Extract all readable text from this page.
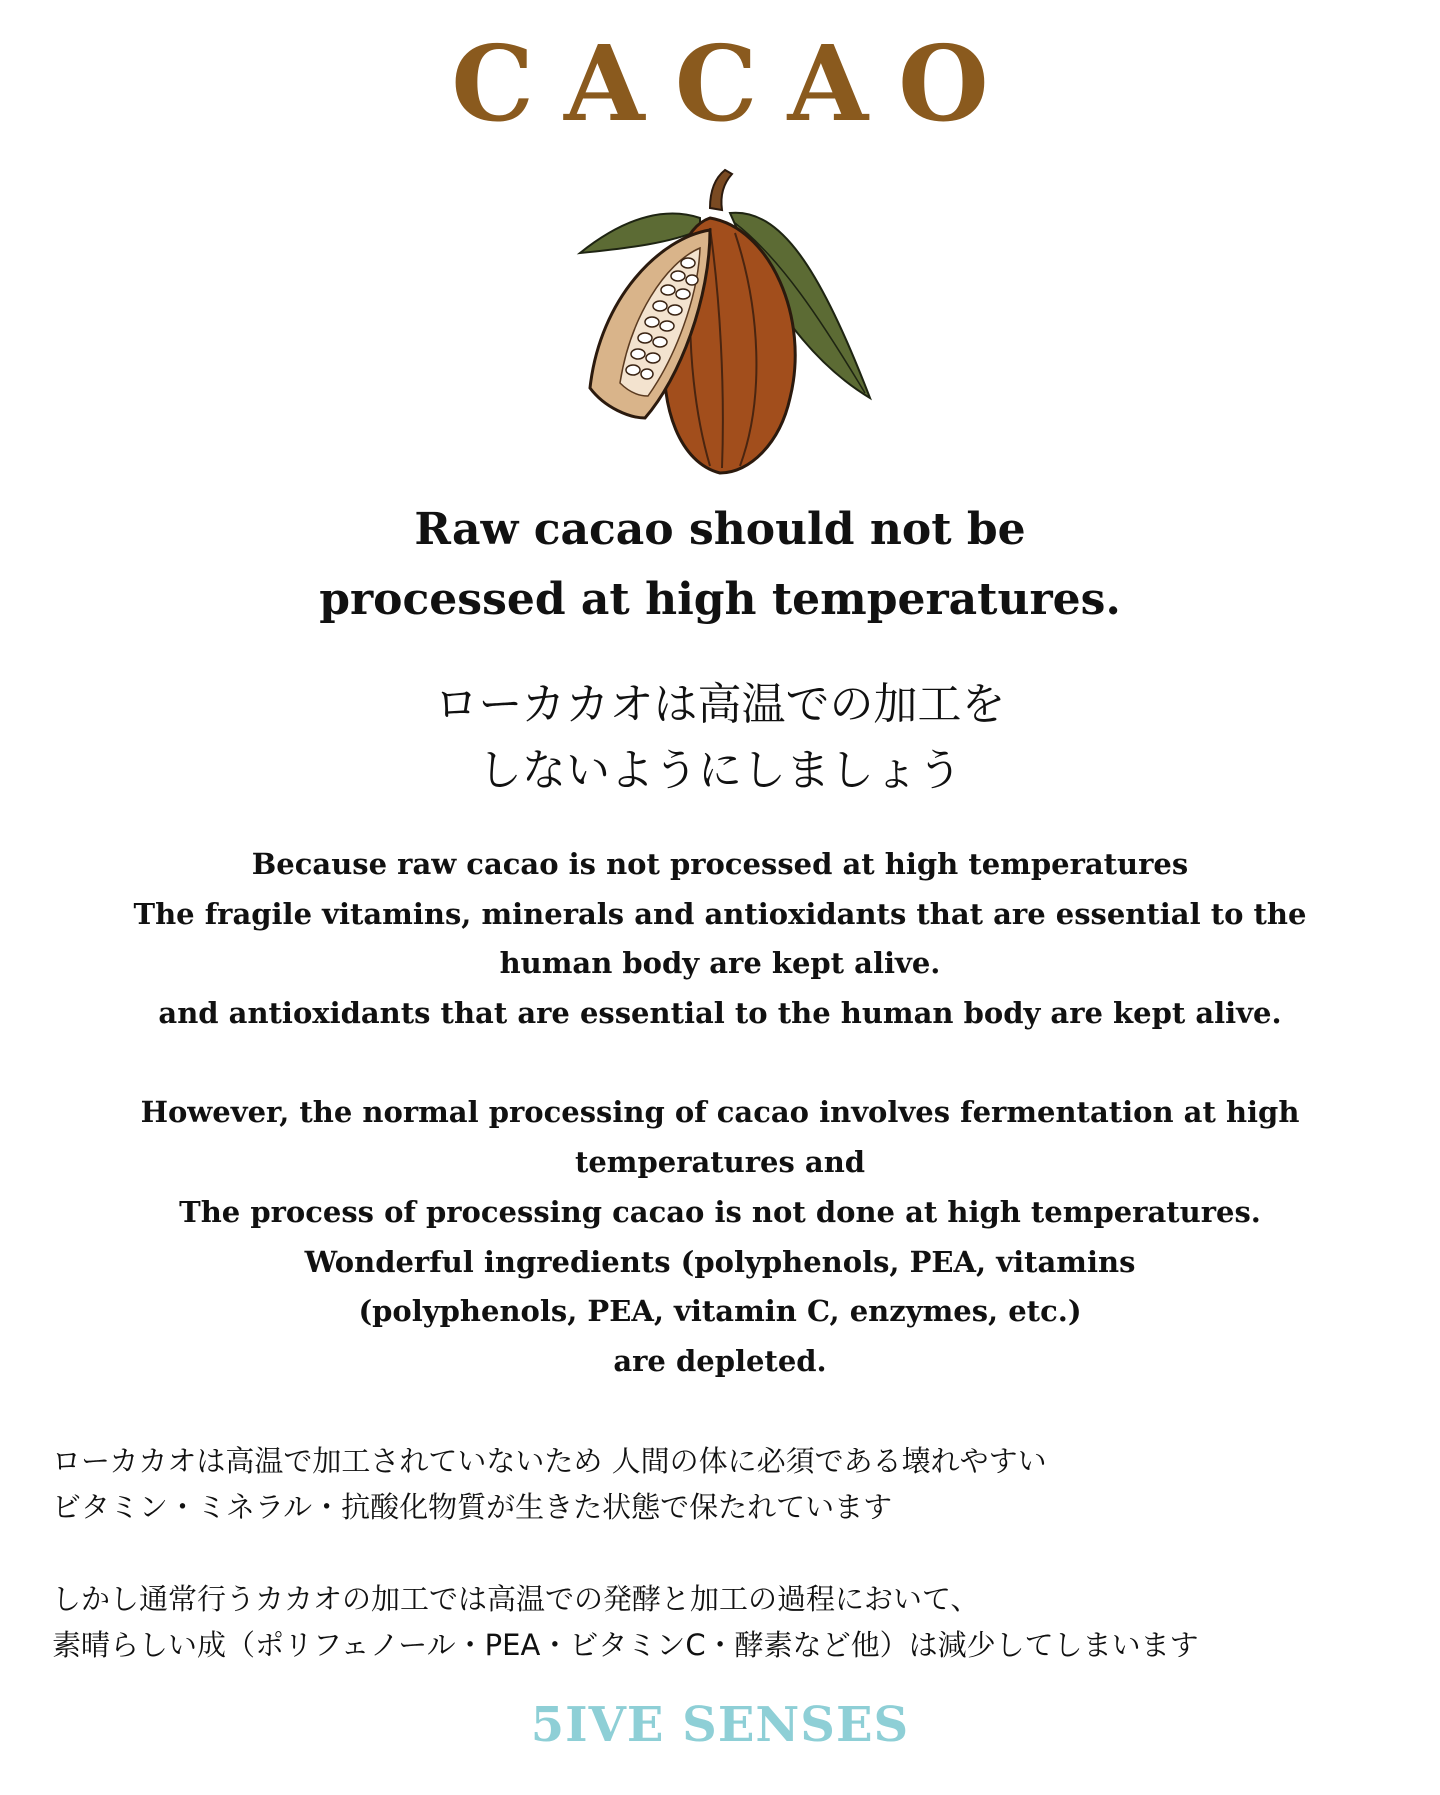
CACAO
Raw cacao should not be
processed at high temperatures.
ローカカオは高温での加工を
しないようにしましょう
Because raw cacao is not processed at high temperatures
The fragile vitamins, minerals and antioxidants that are essential to the
human body are kept alive.
and antioxidants that are essential to the human body are kept alive.
However, the normal processing of cacao involves fermentation at high
temperatures and
The process of processing cacao is not done at high temperatures.
Wonderful ingredients (polyphenols, PEA, vitamins
(polyphenols, PEA, vitamin C, enzymes, etc.)
are depleted.
ローカカオは高温で加工されていないため 人間の体に必須である壊れやすい
ビタミン・ミネラル・抗酸化物質が生きた状態で保たれています
しかし通常行うカカオの加工では高温での発酵と加工の過程において、
素晴らしい成（ポリフェノール・PEA・ビタミンC・酵素など他）は減少してしまいます
5IVE SENSES
